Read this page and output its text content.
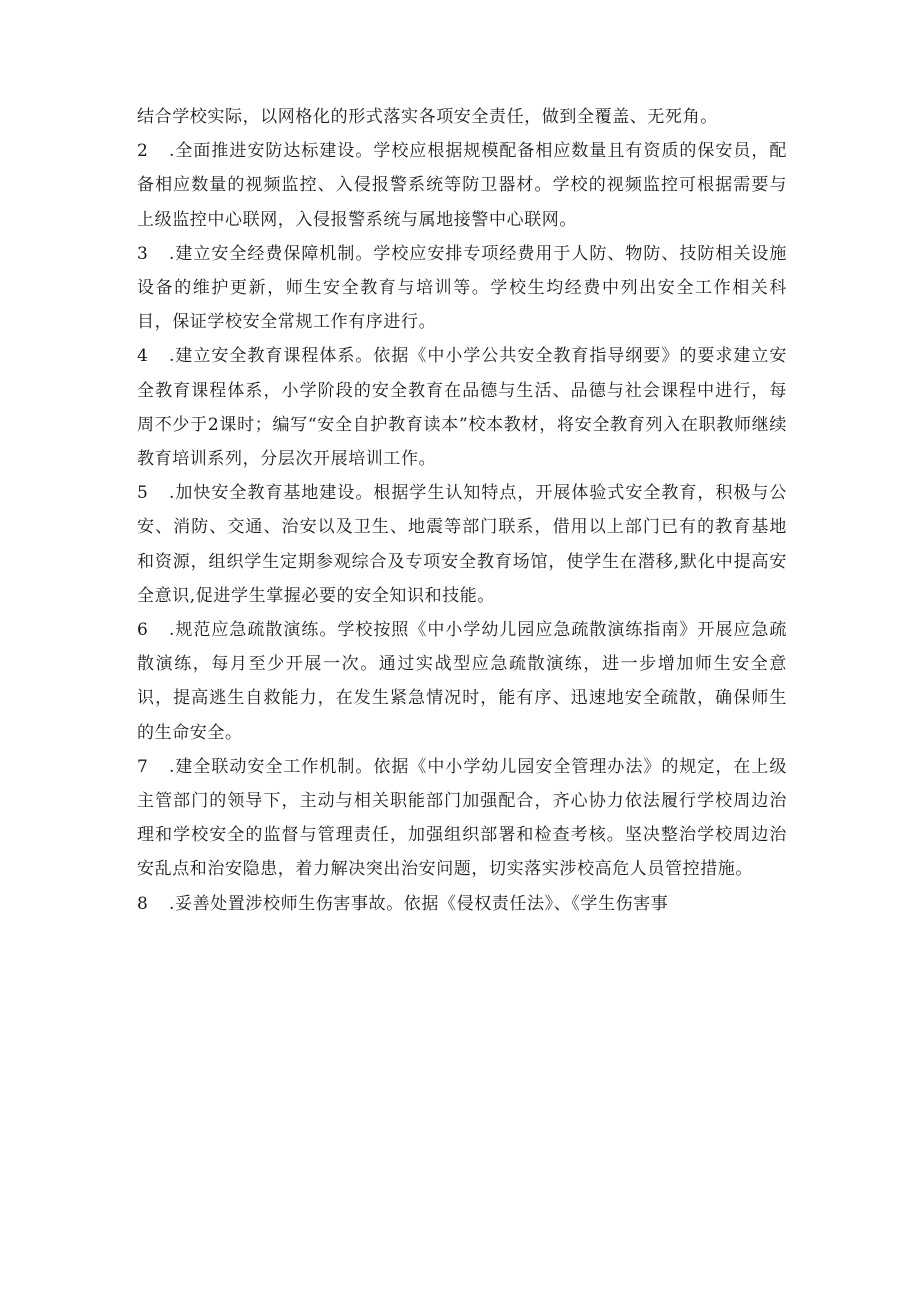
结合学校实际，以网格化的形式落实各项安全责任，做到全覆盖、无死角。

2 .全面推进安防达标建设。学校应根据规模配备相应数量且有资质的保安员，配备相应数量的视频监控、入侵报警系统等防卫器材。学校的视频监控可根据需要与上级监控中心联网，入侵报警系统与属地接警中心联网。

3 .建立安全经费保障机制。学校应安排专项经费用于人防、物防、技防相关设施设备的维护更新，师生安全教育与培训等。学校生均经费中列出安全工作相关科目，保证学校安全常规工作有序进行。

4 .建立安全教育课程体系。依据《中小学公共安全教育指导纲要》的要求建立安全教育课程体系，小学阶段的安全教育在品德与生活、品德与社会课程中进行，每周不少于2课时；编写“安全自护教育读本”校本教材，将安全教育列入在职教师继续教育培训系列，分层次开展培训工作。

5 .加快安全教育基地建设。根据学生认知特点，开展体验式安全教育，积极与公安、消防、交通、治安以及卫生、地震等部门联系，借用以上部门已有的教育基地和资源，组织学生定期参观综合及专项安全教育场馆，使学生在潜移,默化中提高安全意识,促进学生掌握必要的安全知识和技能。

6 .规范应急疏散演练。学校按照《中小学幼儿园应急疏散演练指南》开展应急疏散演练，每月至少开展一次。通过实战型应急疏散演练，进一步增加师生安全意识，提高逃生自救能力，在发生紧急情况时，能有序、迅速地安全疏散，确保师生的生命安全。

7 .建全联动安全工作机制。依据《中小学幼儿园安全管理办法》的规定，在上级主管部门的领导下，主动与相关职能部门加强配合，齐心协力依法履行学校周边治理和学校安全的监督与管理责任，加强组织部署和检查考核。坚决整治学校周边治安乱点和治安隐患，着力解决突出治安问题，切实落实涉校高危人员管控措施。

8 .妥善处置涉校师生伤害事故。依据《侵权责任法》、《学生伤害事
